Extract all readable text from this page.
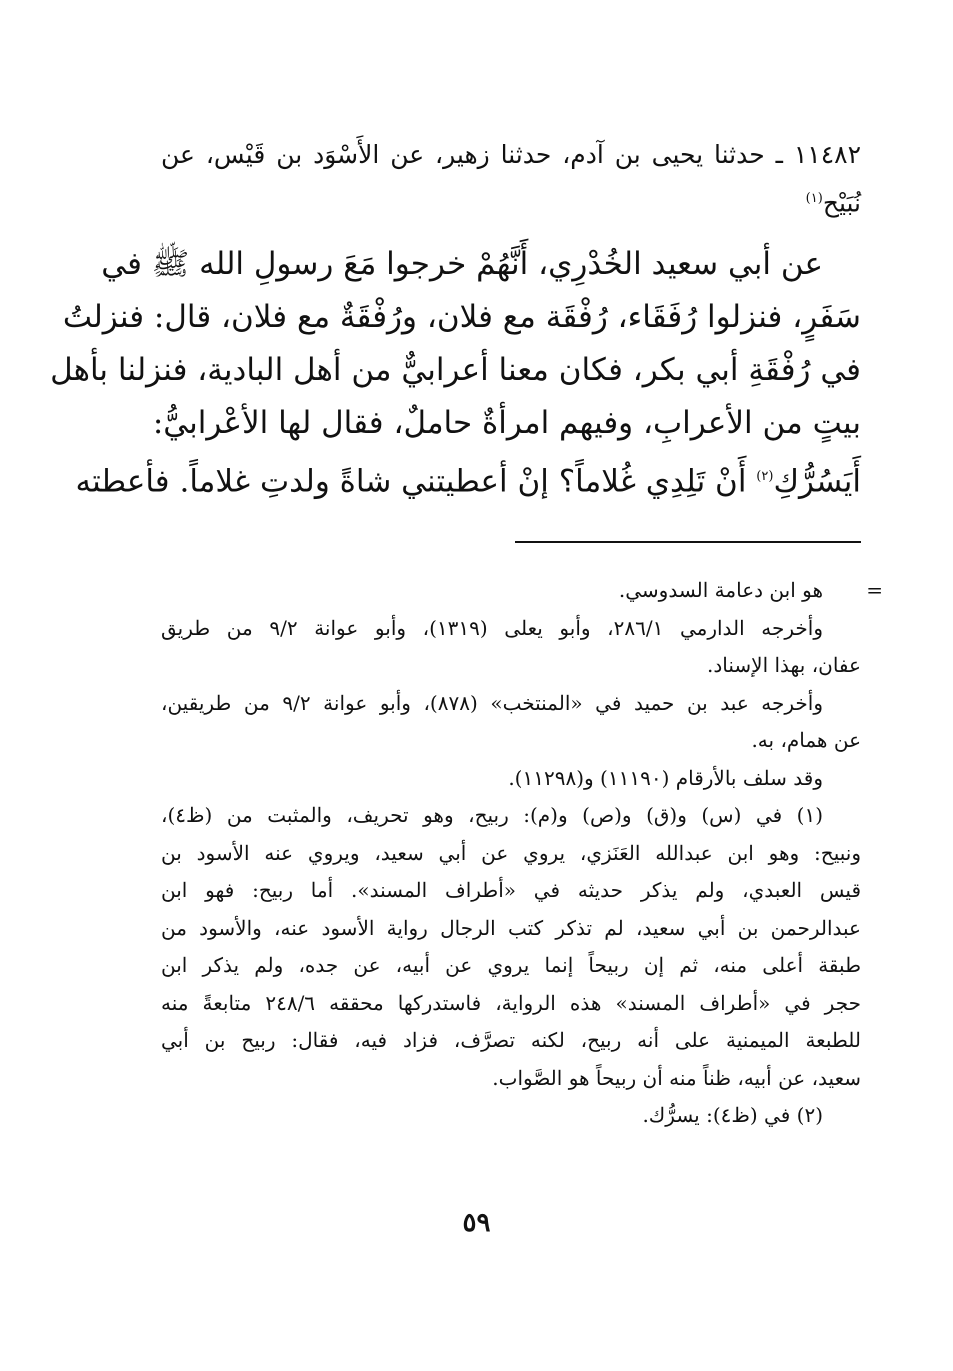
١١٤٨٢ ـ حدثنا يحيى بن آدم، حدثنا زهير، عن الأَسْوَد بن قَيْس، عن
نُبَيْح$^{(١)}$
عن أبي سعيد الخُدْرِي، أَنَّهُمْ خرجوا مَعَ رسولِ الله ﷺ في
سَفَرٍ، فنزلوا رُفَقَاء، رُفْقَة مع فلان، ورُفْقَةٌ مع فلان، قال: فنزلتُ
في رُفْقَةِ أبي بكر، فكان معنا أعرابيٌّ من أهل البادية، فنزلنا بأهل
بيتٍ من الأعرابِ، وفيهم امرأةٌ حاملٌ، فقال لها الأعْرابيُّ:
أَيَسُرُّكِ$^{(٢)}$ أَنْ تَلِدِي غُلاماً؟ إنْ أعطيتني شاةً ولدتِ غلاماً. فأعطته
=
هو ابن دعامة السدوسي.
وأخرجه الدارمي ٢٨٦/١، وأبو يعلى (١٣١٩)، وأبو عوانة ٩/٢ من طريق
عفان، بهذا الإسناد.
وأخرجه عبد بن حميد في «المنتخب» (٨٧٨)، وأبو عوانة ٩/٢ من طريقين،
عن همام، به.
وقد سلف بالأرقام (١١١٩٠) و(١١٢٩٨).
(١) في (س) و(ق) و(ص) و(م): ربيح، وهو تحريف، والمثبت من (ظ٤)،
ونبيح: وهو ابن عبدالله العَنَزي، يروي عن أبي سعيد، ويروي عنه الأسود بن
قيس العبدي، ولم يذكر حديثه في «أطراف المسند». أما ربيح: فهو ابن
عبدالرحمن بن أبي سعيد، لم تذكر كتب الرجال رواية الأسود عنه، والأسود من
طبقة أعلى منه، ثم إن ربيحاً إنما يروي عن أبيه، عن جده، ولم يذكر ابن
حجر في «أطراف المسند» هذه الرواية، فاستدركها محققه ٢٤٨/٦ متابعةً منه
للطبعة الميمنية على أنه ربيح، لكنه تصرَّف، فزاد فيه، فقال: ربيح بن أبي
سعيد، عن أبيه، ظناً منه أن ربيحاً هو الصَّواب.
(٢) في (ظ٤): يسرُّك.
٥٩
